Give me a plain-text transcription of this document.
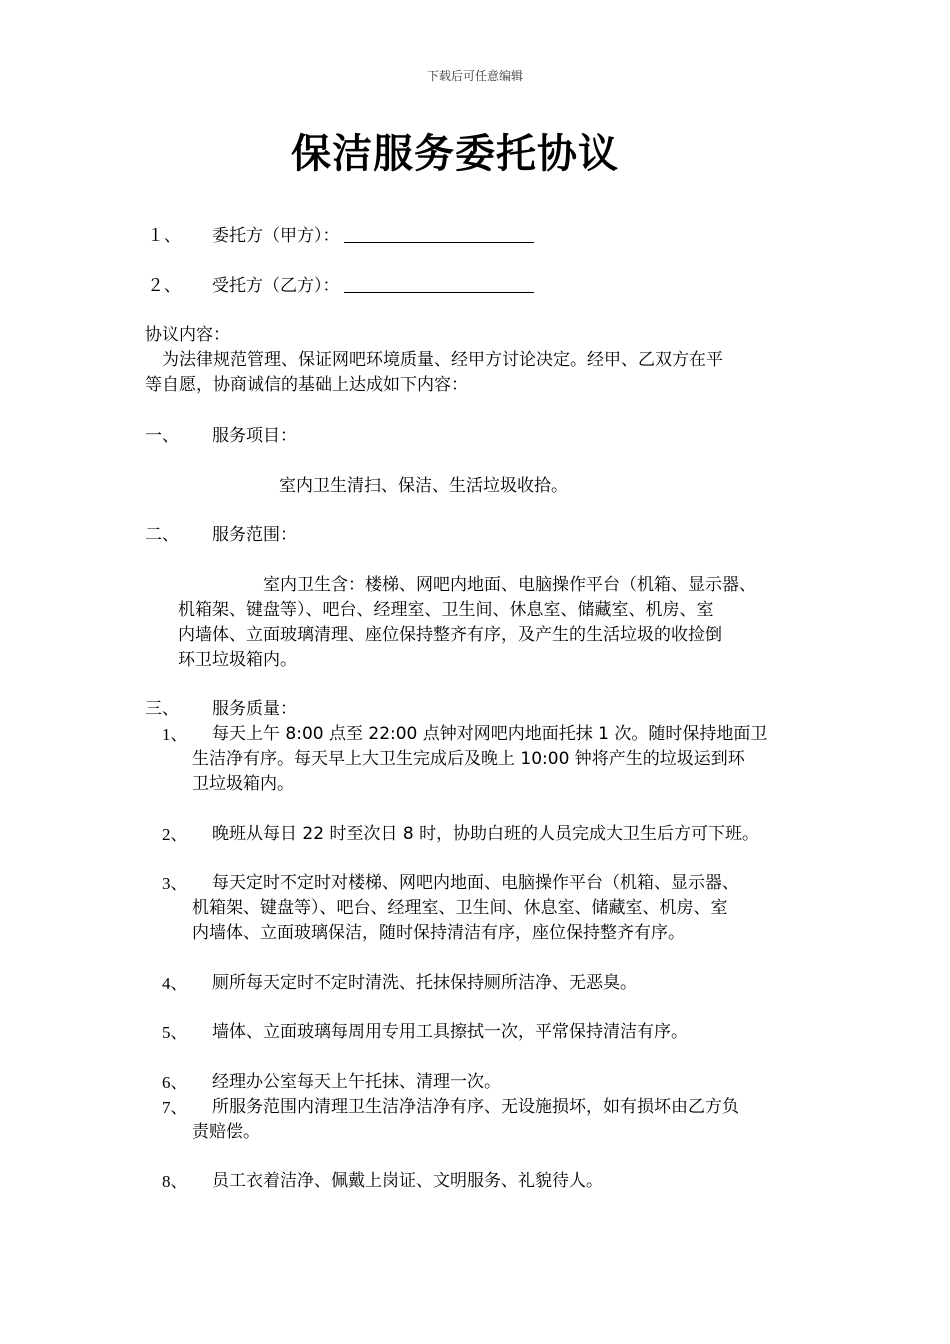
下载后可任意编辑
保洁服务委托协议
１、 委托方（甲方）：
２、 受托方（乙方）：
协议内容：
为法律规范管理、保证网吧环境质量、经甲方讨论决定。经甲、乙双方在平
等自愿，协商诚信的基础上达成如下内容：
一、 服务项目：
室内卫生清扫、保洁、生活垃圾收拾。
二、 服务范围：
室内卫生含：楼梯、网吧内地面、电脑操作平台（机箱、显示器、
机箱架、键盘等）、吧台、经理室、卫生间、休息室、储藏室、机房、室
内墙体、立面玻璃清理、座位保持整齐有序，及产生的生活垃圾的收捡倒
环卫垃圾箱内。
三、 服务质量：
1、 每天上午 8:00 点至 22:00 点钟对网吧内地面托抹 1 次。随时保持地面卫
生洁净有序。每天早上大卫生完成后及晚上 10:00 钟将产生的垃圾运到环
卫垃圾箱内。
2、 晚班从每日 22 时至次日 8 时，协助白班的人员完成大卫生后方可下班。
3、 每天定时不定时对楼梯、网吧内地面、电脑操作平台（机箱、显示器、
机箱架、键盘等）、吧台、经理室、卫生间、休息室、储藏室、机房、室
内墙体、立面玻璃保洁，随时保持清洁有序，座位保持整齐有序。
4、 厕所每天定时不定时清洗、托抹保持厕所洁净、无恶臭。
5、 墙体、立面玻璃每周用专用工具擦拭一次，平常保持清洁有序。
6、 经理办公室每天上午托抹、清理一次。
7、 所服务范围内清理卫生洁净洁净有序、无设施损坏，如有损坏由乙方负
责赔偿。
8、 员工衣着洁净、佩戴上岗证、文明服务、礼貌待人。
